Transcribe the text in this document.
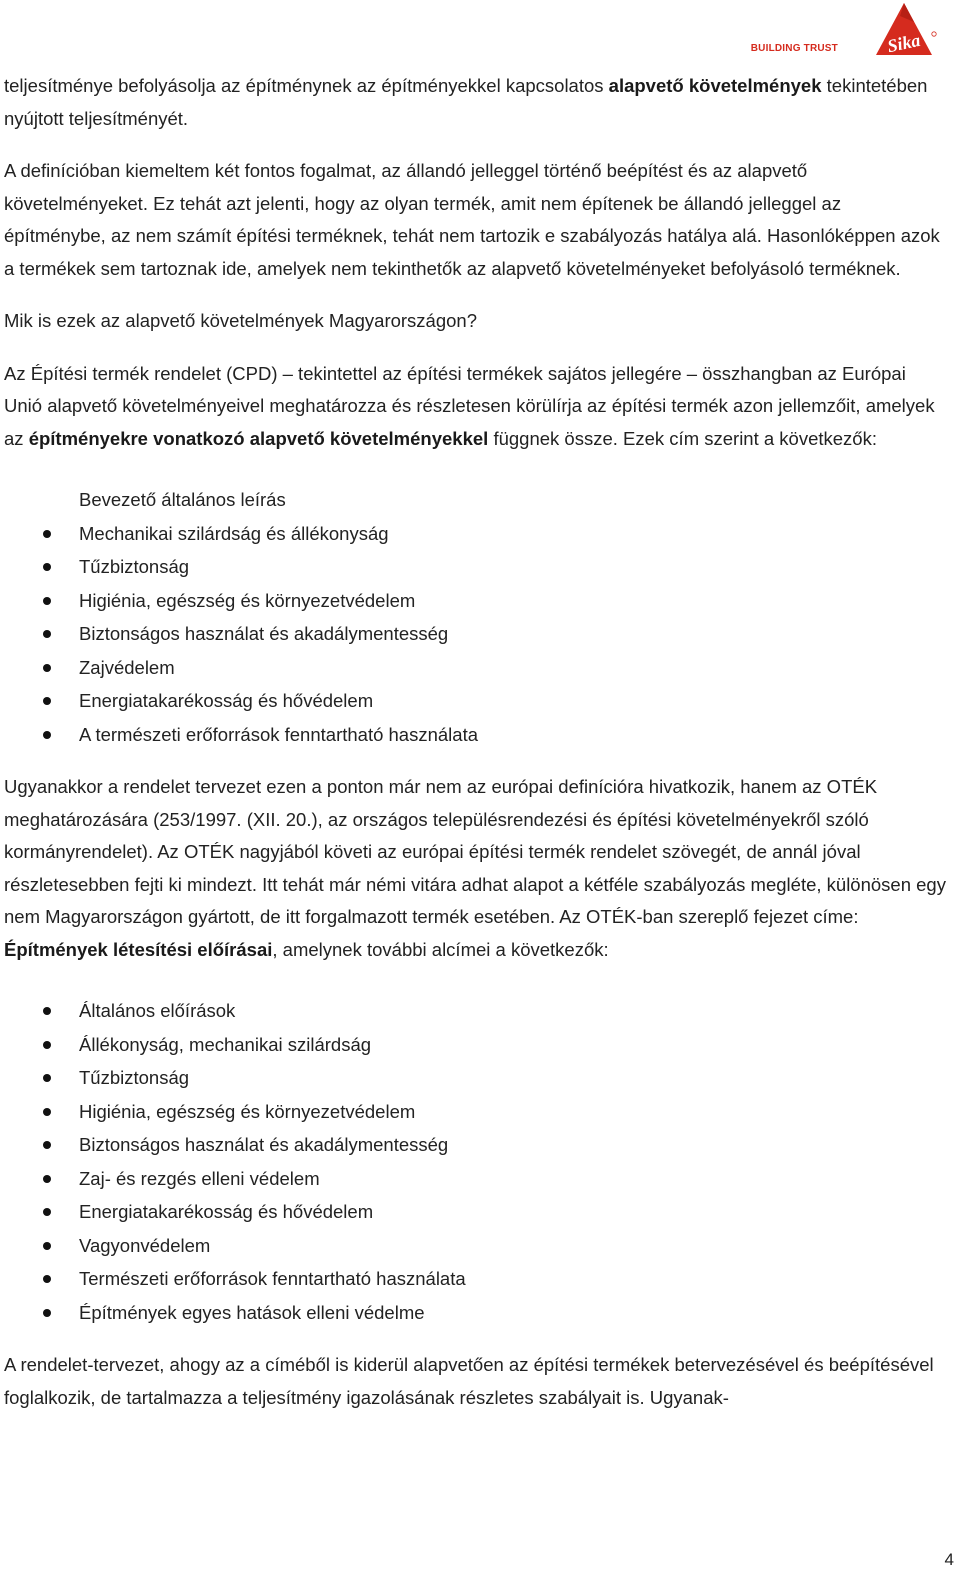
BUILDING TRUST	Sika

teljesítménye befolyásolja az építménynek az építményekkel kapcsolatos alapvető követelmények tekintetében nyújtott teljesítményét.

A definícióban kiemeltem két fontos fogalmat, az állandó jelleggel történő beépítést és az alapvető követelményeket. Ez tehát azt jelenti, hogy az olyan termék, amit nem építenek be állandó jelleggel az építménybe, az nem számít építési terméknek, tehát nem tartozik e szabályozás hatálya alá. Hasonlóképpen azok a termékek sem tartoznak ide, amelyek nem tekinthetők az alapvető követelményeket befolyásoló terméknek.

Mik is ezek az alapvető követelmények Magyarországon?

Az Építési termék rendelet (CPD) – tekintettel az építési termékek sajátos jellegére – összhangban az Európai Unió alapvető követelményeivel meghatározza és részletesen körülírja az építési termék azon jellemzőit, amelyek az építményekre vonatkozó alapvető követelményekkel függnek össze. Ezek cím szerint a következők:

Bevezető általános leírás
Mechanikai szilárdság és állékonyság
Tűzbiztonság
Higiénia, egészség és környezetvédelem
Biztonságos használat és akadálymentesség
Zajvédelem
Energiatakarékosság és hővédelem
A természeti erőforrások fenntartható használata

Ugyanakkor a rendelet tervezet ezen a ponton már nem az európai definícióra hivatkozik, hanem az OTÉK meghatározására (253/1997. (XII. 20.), az országos településrendezési és építési követelményekről szóló kormányrendelet). Az OTÉK nagyjából követi az európai építési termék rendelet szövegét, de annál jóval részletesebben fejti ki mindezt. Itt tehát már némi vitára adhat alapot a kétféle szabályozás megléte, különösen egy nem Magyarországon gyártott, de itt forgalmazott termék esetében. Az OTÉK-ban szereplő fejezet címe: Építmények létesítési előírásai, amelynek további alcímei a következők:

Általános előírások
Állékonyság, mechanikai szilárdság
Tűzbiztonság
Higiénia, egészség és környezetvédelem
Biztonságos használat és akadálymentesség
Zaj- és rezgés elleni védelem
Energiatakarékosság és hővédelem
Vagyonvédelem
Természeti erőforrások fenntartható használata
Építmények egyes hatások elleni védelme

A rendelet-tervezet, ahogy az a címéből is kiderül alapvetően az építési termékek betervezésével és beépítésével foglalkozik, de tartalmazza a teljesítmény igazolásának részletes szabályait is. Ugyanak-

4
